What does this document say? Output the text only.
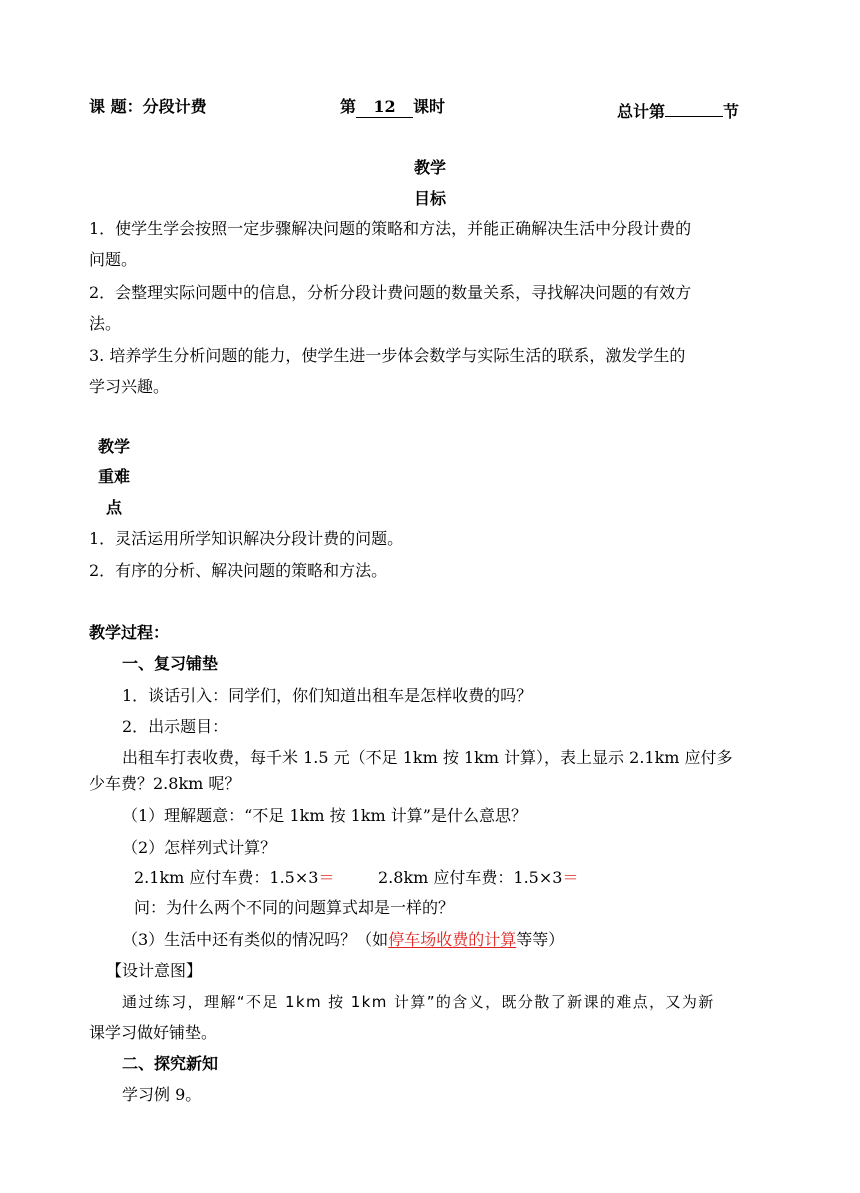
课 题：分段计费	第 12 课时	总计第	节
教学
目标
1．使学生学会按照一定步骤解决问题的策略和方法，并能正确解决生活中分段计费的
问题。
2．会整理实际问题中的信息，分析分段计费问题的数量关系，寻找解决问题的有效方
法。
3. 培养学生分析问题的能力，使学生进一步体会数学与实际生活的联系，激发学生的
学习兴趣。
教学
重难
点
1．灵活运用所学知识解决分段计费的问题。
2．有序的分析、解决问题的策略和方法。
教学过程：
一、复习铺垫
1．谈话引入：同学们，你们知道出租车是怎样收费的吗？
2．出示题目：
出租车打表收费，每千米 1.5 元（不足 1km 按 1km 计算），表上显示 2.1km 应付多
少车费？2.8km 呢？
（1）理解题意：“不足 1km 按 1km 计算”是什么意思？
（2）怎样列式计算？
2.1km 应付车费：1.5×3＝	2.8km 应付车费：1.5×3＝
问：为什么两个不同的问题算式却是一样的？
（3）生活中还有类似的情况吗？（如停车场收费的计算等等）
【设计意图】
通过练习，理解“不足 1km 按 1km 计算”的含义，既分散了新课的难点，又为新
课学习做好铺垫。
二、探究新知
学习例 9。
